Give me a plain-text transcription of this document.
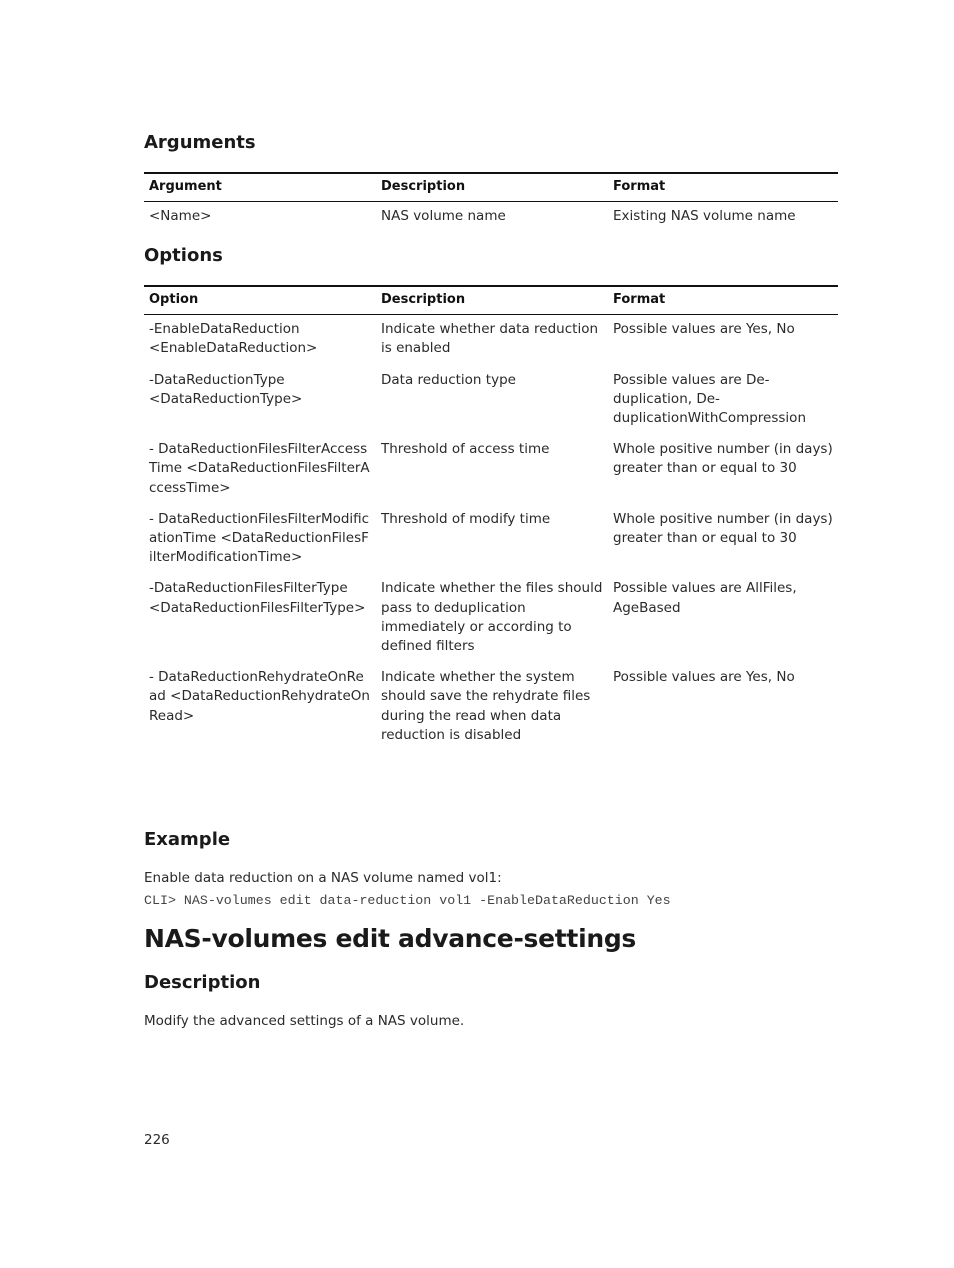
Arguments
Argument	Description	Format
<Name>	NAS volume name	Existing NAS volume name
Options
Option	Description	Format
-EnableDataReduction <EnableDataReduction>	Indicate whether data reduction is enabled	Possible values are Yes, No
-DataReductionType <DataReductionType>	Data reduction type	Possible values are De-duplication, De-duplicationWithCompression
- DataReductionFilesFilterAccessTime <DataReductionFilesFilterAccessTime>	Threshold of access time	Whole positive number (in days) greater than or equal to 30
- DataReductionFilesFilterModificationTime <DataReductionFilesFilterModificationTime>	Threshold of modify time	Whole positive number (in days) greater than or equal to 30
-DataReductionFilesFilterType <DataReductionFilesFilterType>	Indicate whether the files should pass to deduplication immediately or according to defined filters	Possible values are AllFiles, AgeBased
- DataReductionRehydrateOnRead <DataReductionRehydrateOnRead>	Indicate whether the system should save the rehydrate files during the read when data reduction is disabled	Possible values are Yes, No
Example

Enable data reduction on a NAS volume named vol1:

CLI> NAS-volumes edit data-reduction vol1 -EnableDataReduction Yes
NAS-volumes edit advance-settings
Description

Modify the advanced settings of a NAS volume.

226
